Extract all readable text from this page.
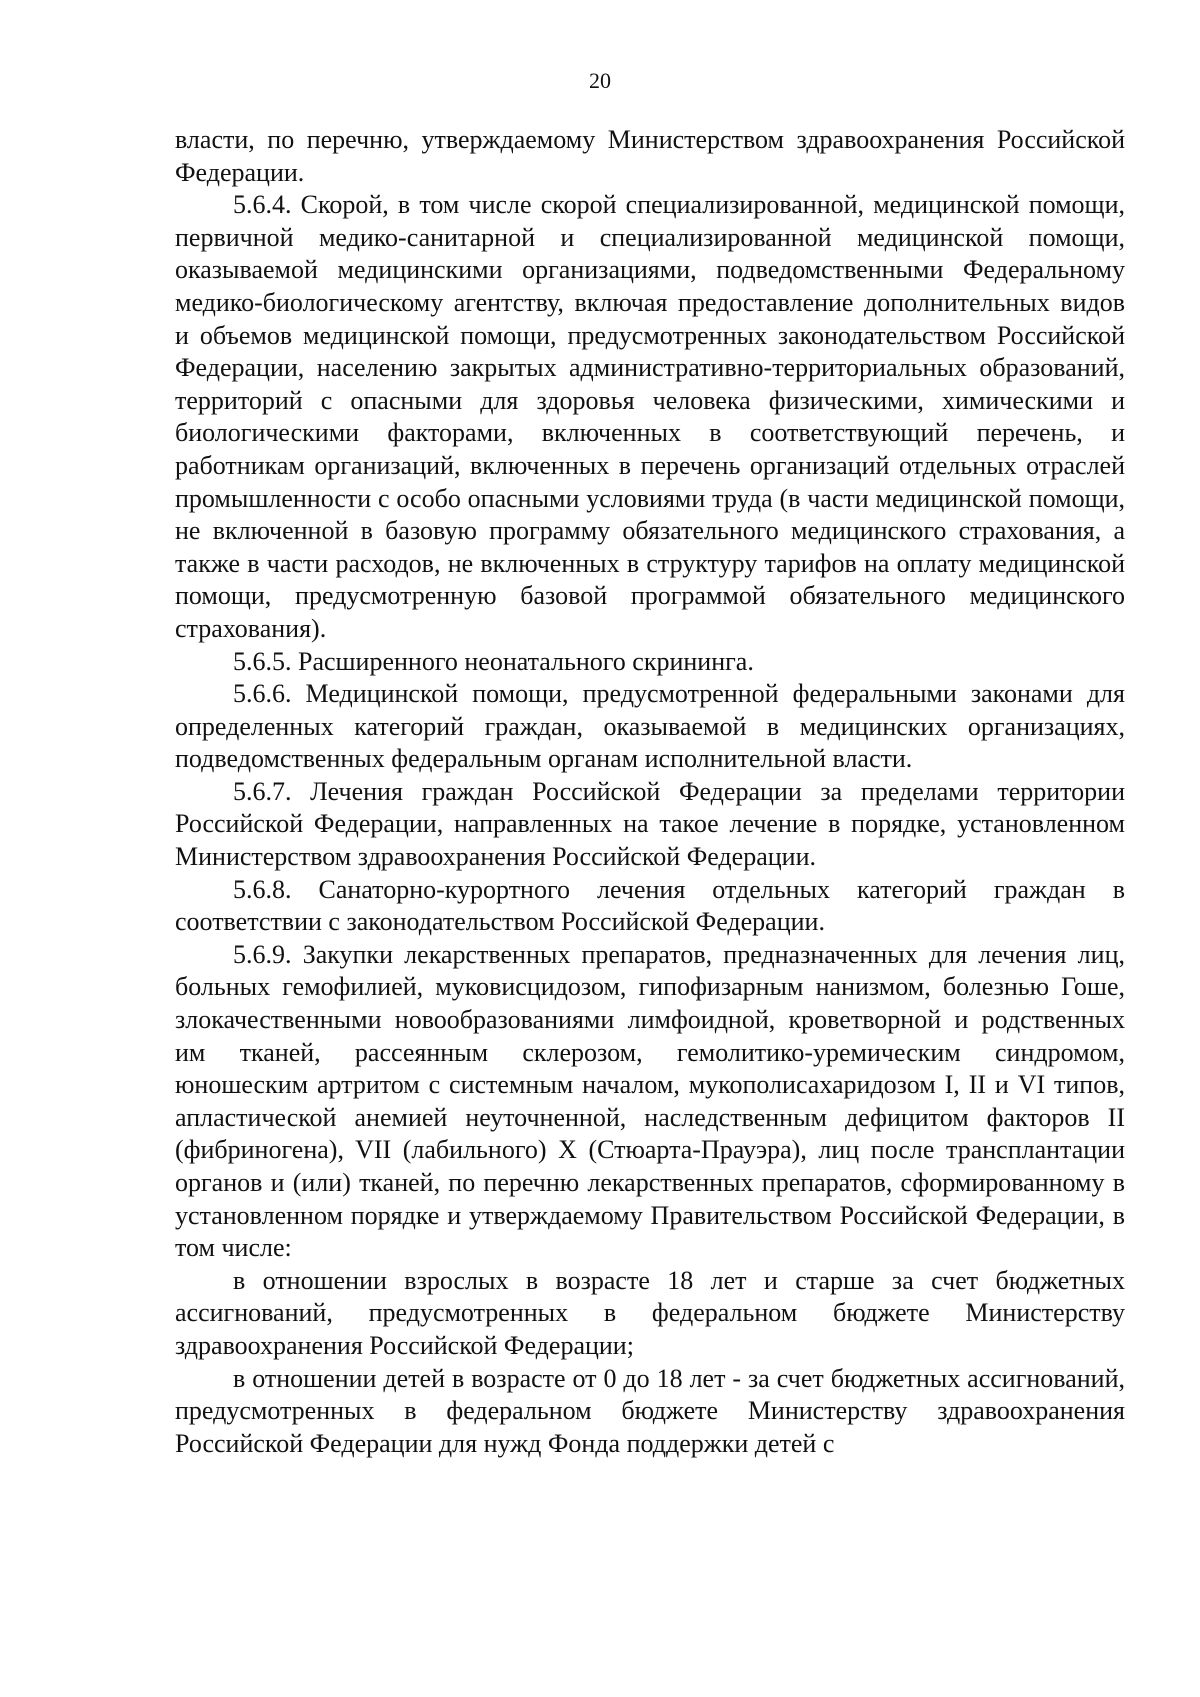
20

власти, по перечню, утверждаемому Министерством здравоохранения Российской Федерации.

5.6.4. Скорой, в том числе скорой специализированной, медицинской помощи, первичной медико-санитарной и специализированной медицинской помощи, оказываемой медицинскими организациями, подведомственными Федеральному медико-биологическому агентству, включая предоставление дополнительных видов и объемов медицинской помощи, предусмотренных законодательством Российской Федерации, населению закрытых административно-территориальных образований, территорий с опасными для здоровья человека физическими, химическими и биологическими факторами, включенных в соответствующий перечень, и работникам организаций, включенных в перечень организаций отдельных отраслей промышленности с особо опасными условиями труда (в части медицинской помощи, не включенной в базовую программу обязательного медицинского страхования, а также в части расходов, не включенных в структуру тарифов на оплату медицинской помощи, предусмотренную базовой программой обязательного медицинского страхования).

5.6.5. Расширенного неонатального скрининга.

5.6.6. Медицинской помощи, предусмотренной федеральными законами для определенных категорий граждан, оказываемой в медицинских организациях, подведомственных федеральным органам исполнительной власти.

5.6.7. Лечения граждан Российской Федерации за пределами территории Российской Федерации, направленных на такое лечение в порядке, установленном Министерством здравоохранения Российской Федерации.

5.6.8. Санаторно-курортного лечения отдельных категорий граждан в соответствии с законодательством Российской Федерации.

5.6.9. Закупки лекарственных препаратов, предназначенных для лечения лиц, больных гемофилией, муковисцидозом, гипофизарным нанизмом, болезнью Гоше, злокачественными новообразованиями лимфоидной, кроветворной и родственных им тканей, рассеянным склерозом, гемолитико-уремическим синдромом, юношеским артритом с системным началом, мукополисахаридозом I, II и VI типов, апластической анемией неуточненной, наследственным дефицитом факторов II (фибриногена), VII (лабильного) X (Стюарта-Прауэра), лиц после трансплантации органов и (или) тканей, по перечню лекарственных препаратов, сформированному в установленном порядке и утверждаемому Правительством Российской Федерации, в том числе:

в отношении взрослых в возрасте 18 лет и старше за счет бюджетных ассигнований, предусмотренных в федеральном бюджете Министерству здравоохранения Российской Федерации;

в отношении детей в возрасте от 0 до 18 лет - за счет бюджетных ассигнований, предусмотренных в федеральном бюджете Министерству здравоохранения Российской Федерации для нужд Фонда поддержки детей с
